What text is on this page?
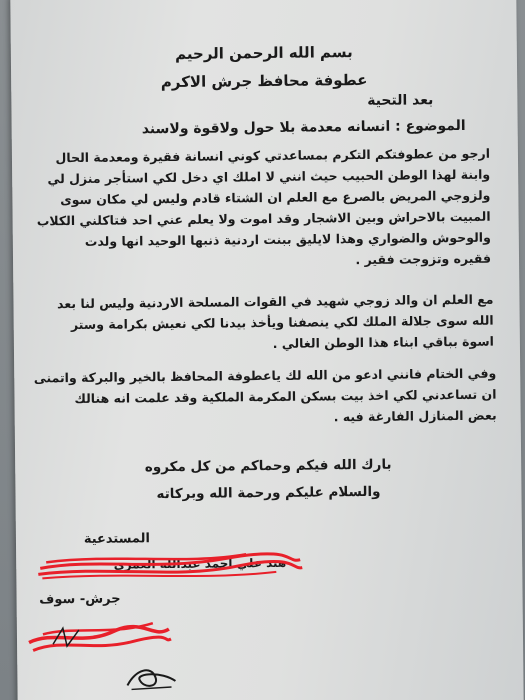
بسم الله الرحمن الرحيم
عطوفة محافظ جرش الاكرم
بعد التحية
الموضوع : انسانه معدمة بلا حول ولاقوة ولاسند
ارجو من عطوفتكم التكرم بمساعدتي كوني انسانة فقيرة ومعدمة الحال
وابنة لهذا الوطن الحبيب حيث انني لا املك اي دخل لكي استأجر منزل لي
ولزوجي المريض بالصرع مع العلم ان الشتاء قادم وليس لي مكان سوى
المبيت بالاحراش وبين الاشجار وقد اموت ولا يعلم عني احد فتاكلني الكلاب
والوحوش والضواري وهذا لايليق ببنت اردنية ذنبها الوحيد انها ولدت
فقيره وتزوجت فقير .
مع العلم ان والد زوجي شهيد في القوات المسلحة الاردنية وليس لنا بعد
الله سوى جلالة الملك لكي ينصفنا ويأخذ بيدنا لكي نعيش بكرامة وستر
اسوة بباقي ابناء هذا الوطن الغالي .
وفي الختام فانني ادعو من الله لك ياعطوفة المحافظ بالخير والبركة واتمنى
ان تساعدني لكي اخذ بيت بسكن المكرمة الملكية وقد علمت انه هنالك
بعض المنازل الفارغة فيه .
بارك الله فيكم وحماكم من كل مكروه
والسلام عليكم ورحمة الله وبركاته
المستدعية
هند علي احمد عبدالله العمري
جرش- سوف
